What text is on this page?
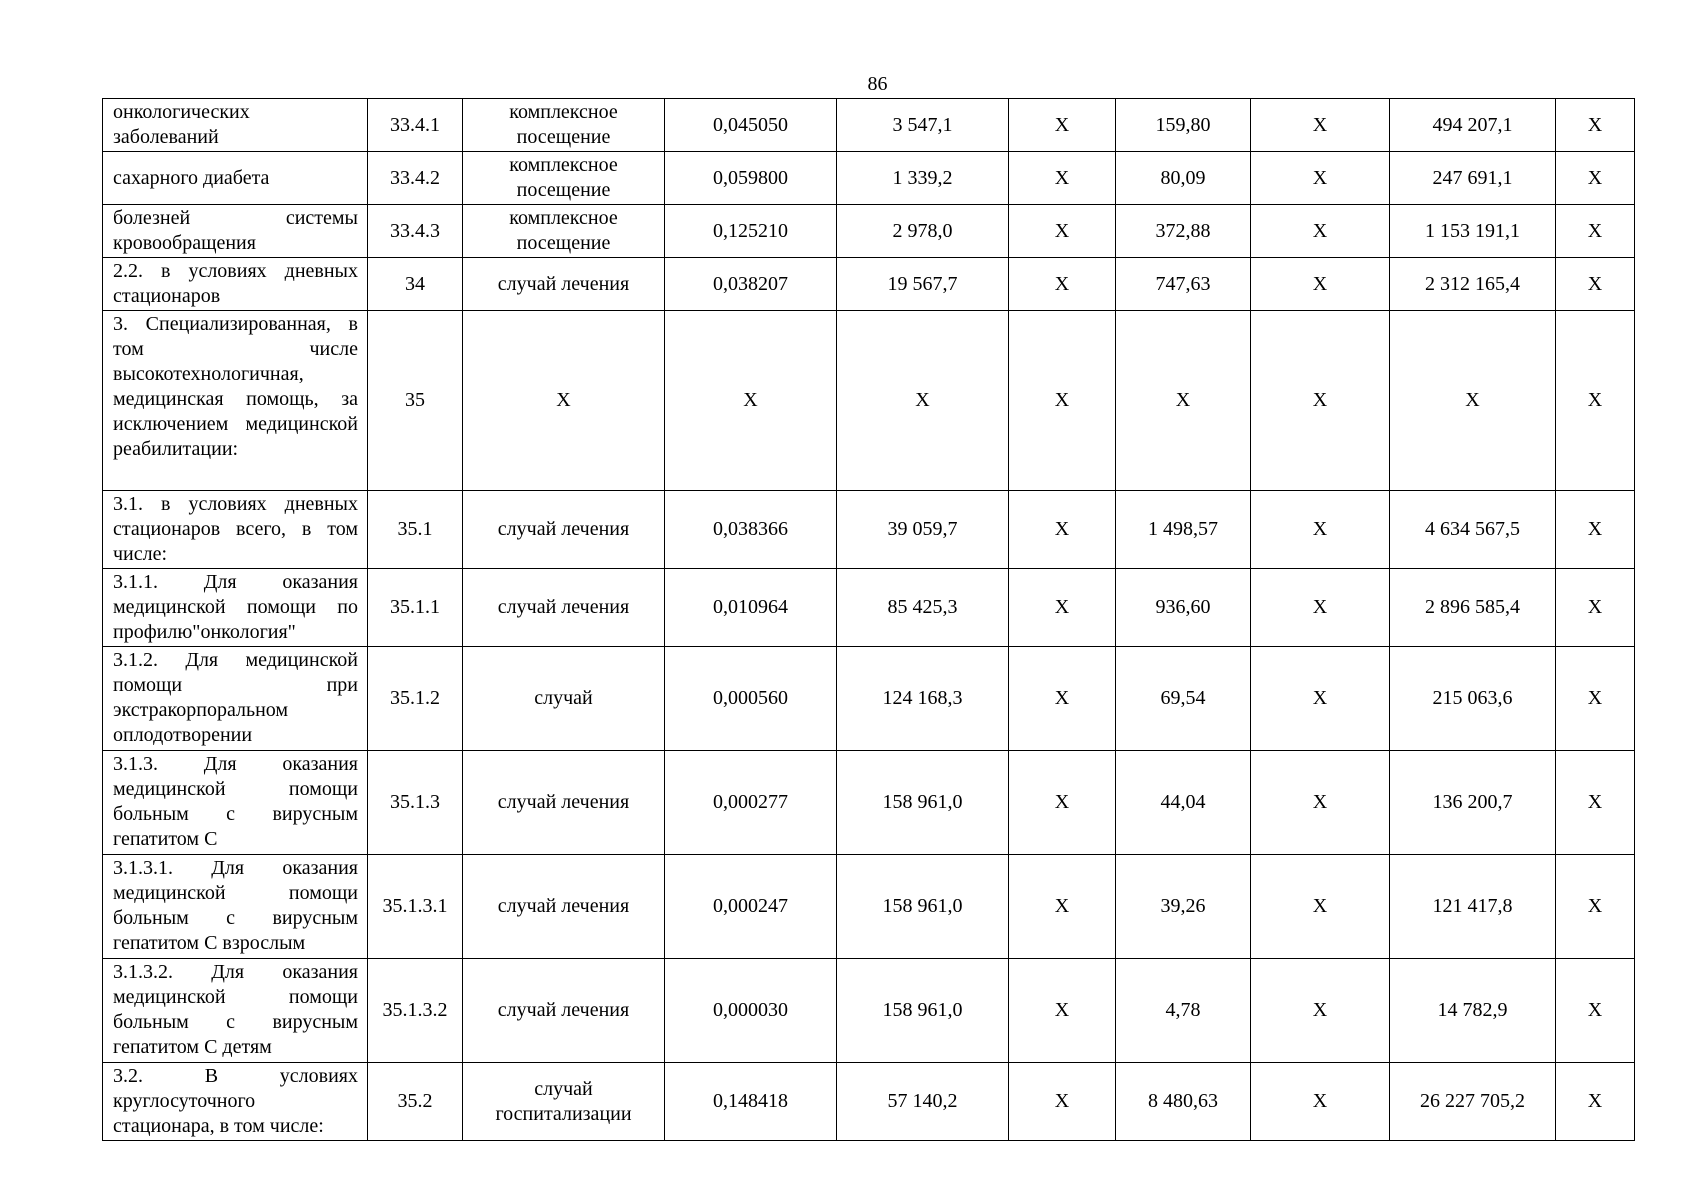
86
онкологических заболеваний	33.4.1	комплексное посещение	0,045050	3 547,1	Х	159,80	Х	494 207,1	Х
сахарного диабета	33.4.2	комплексное посещение	0,059800	1 339,2	Х	80,09	Х	247 691,1	Х
болезней системы кровообращения	33.4.3	комплексное посещение	0,125210	2 978,0	Х	372,88	Х	1 153 191,1	Х
2.2. в условиях дневных стационаров	34	случай лечения	0,038207	19 567,7	Х	747,63	Х	2 312 165,4	Х
3. Специализированная, в том числе высокотехнологичная, медицинская помощь, за исключением медицинской реабилитации:	35	Х	Х	Х	Х	Х	Х	Х	Х
3.1. в условиях дневных стационаров всего, в том числе:	35.1	случай лечения	0,038366	39 059,7	Х	1 498,57	Х	4 634 567,5	Х
3.1.1. Для оказания медицинской помощи по профилю"онкология"	35.1.1	случай лечения	0,010964	85 425,3	Х	936,60	Х	2 896 585,4	Х
3.1.2. Для медицинской помощи при экстракорпоральном оплодотворении	35.1.2	случай	0,000560	124 168,3	Х	69,54	Х	215 063,6	Х
3.1.3. Для оказания медицинской помощи больным с вирусным гепатитом С	35.1.3	случай лечения	0,000277	158 961,0	Х	44,04	Х	136 200,7	Х
3.1.3.1. Для оказания медицинской помощи больным с вирусным гепатитом С взрослым	35.1.3.1	случай лечения	0,000247	158 961,0	Х	39,26	Х	121 417,8	Х
3.1.3.2. Для оказания медицинской помощи больным с вирусным гепатитом С детям	35.1.3.2	случай лечения	0,000030	158 961,0	Х	4,78	Х	14 782,9	Х
3.2. В условиях круглосуточного стационара, в том числе:	35.2	случай госпитализации	0,148418	57 140,2	Х	8 480,63	Х	26 227 705,2	Х
